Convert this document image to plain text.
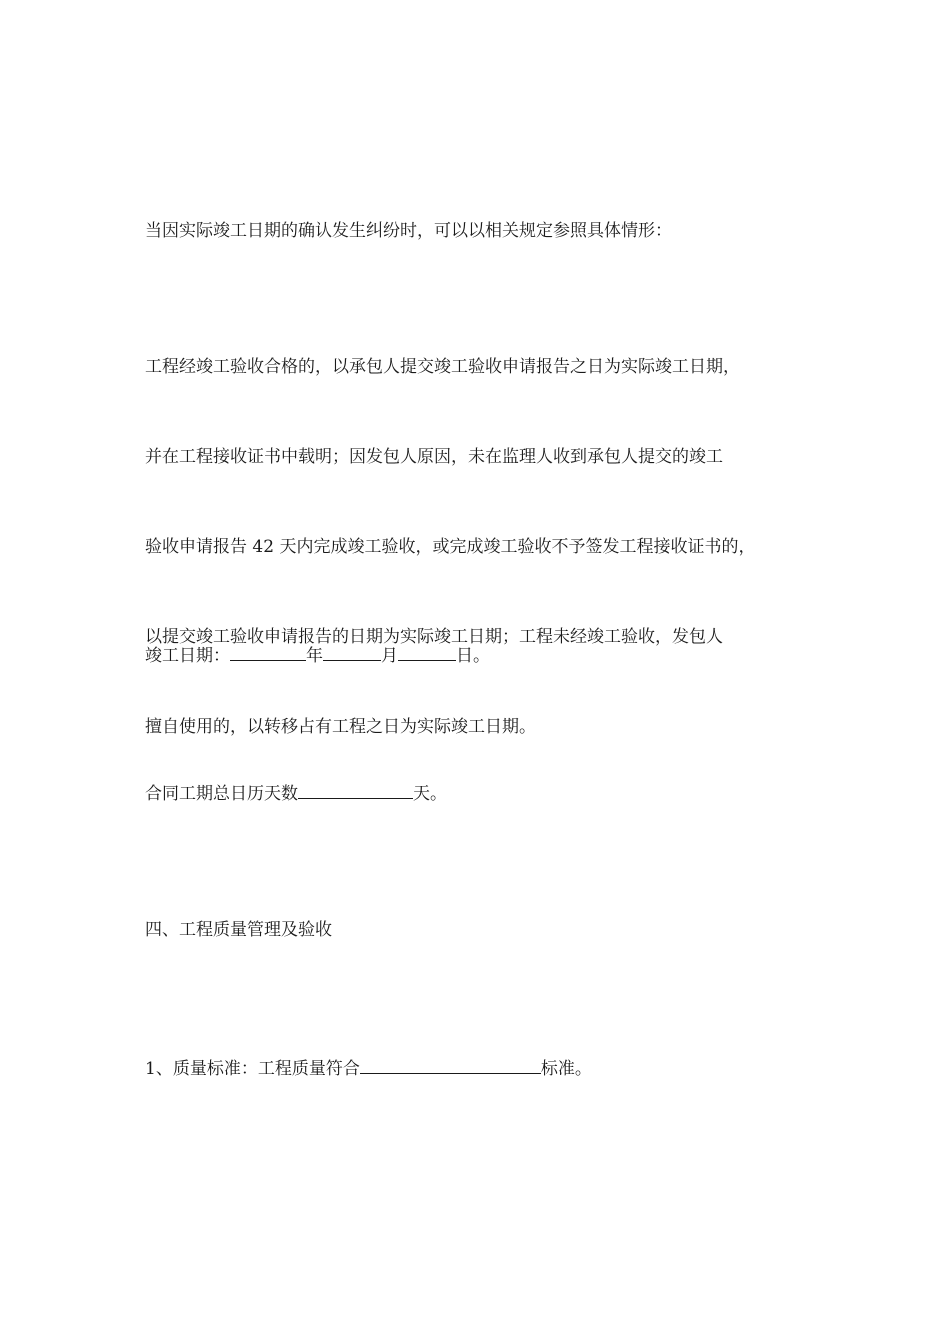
当因实际竣工日期的确认发生纠纷时，可以以相关规定参照具体情形：

工程经竣工验收合格的，以承包人提交竣工验收申请报告之日为实际竣工日期，

并在工程接收证书中载明；因发包人原因，未在监理人收到承包人提交的竣工

验收申请报告 42 天内完成竣工验收，或完成竣工验收不予签发工程接收证书的，

以提交竣工验收申请报告的日期为实际竣工日期；工程未经竣工验收，发包人

擅自使用的，以转移占有工程之日为实际竣工日期。

竣工日期：	年	月	日。

合同工期总日历天数	天。

四、工程质量管理及验收

1、质量标准：工程质量符合	标准。
